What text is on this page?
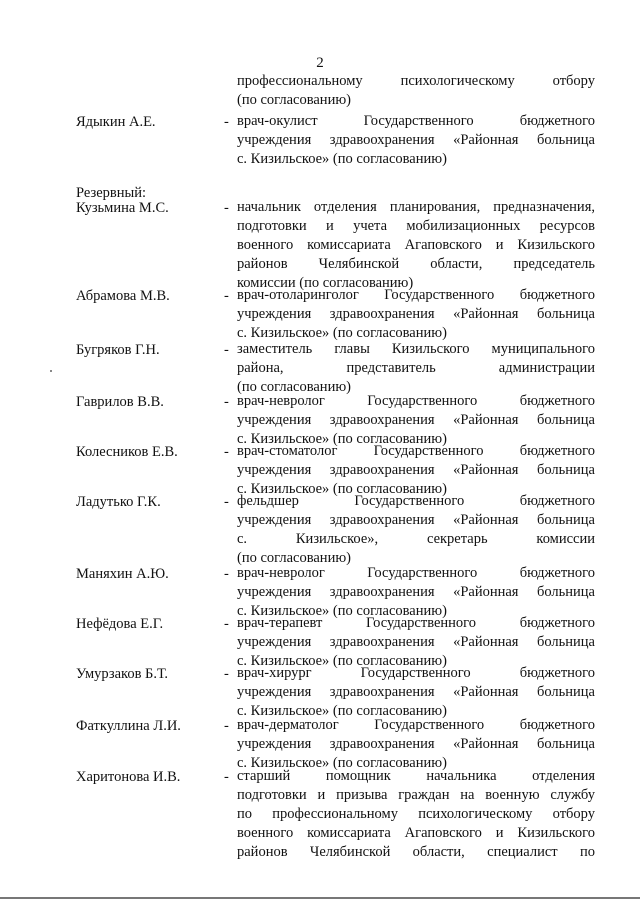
2
профессиональному психологическому отбору
(по согласованию)
Ядыкин А.Е.	- врач-окулист Государственного бюджетного
учреждения здравоохранения «Районная больница
с. Кизильское» (по согласованию)
Резервный:
Кузьмина М.С.	- начальник отделения планирования, предназначения,
подготовки и учета мобилизационных ресурсов
военного комиссариата Агаповского и Кизильского
районов Челябинской области, председатель
комиссии (по согласованию)
Абрамова М.В.	- врач-отоларинголог Государственного бюджетного
учреждения здравоохранения «Районная больница
с. Кизильское» (по согласованию)
Бугряков Г.Н.	- заместитель главы Кизильского муниципального
района, представитель администрации
(по согласованию)
Гаврилов В.В.	- врач-невролог Государственного бюджетного
учреждения здравоохранения «Районная больница
с. Кизильское» (по согласованию)
Колесников Е.В.	- врач-стоматолог Государственного бюджетного
учреждения здравоохранения «Районная больница
с. Кизильское» (по согласованию)
Ладутько Г.К.	- фельдшер Государственного бюджетного
учреждения здравоохранения «Районная больница
с. Кизильское», секретарь комиссии
(по согласованию)
Маняхин А.Ю.	- врач-невролог Государственного бюджетного
учреждения здравоохранения «Районная больница
с. Кизильское» (по согласованию)
Нефёдова Е.Г.	- врач-терапевт Государственного бюджетного
учреждения здравоохранения «Районная больница
с. Кизильское» (по согласованию)
Умурзаков Б.Т.	- врач-хирург Государственного бюджетного
учреждения здравоохранения «Районная больница
с. Кизильское» (по согласованию)
Фаткуллина Л.И.	- врач-дерматолог Государственного бюджетного
учреждения здравоохранения «Районная больница
с. Кизильское» (по согласованию)
Харитонова И.В.	- старший помощник начальника отделения
подготовки и призыва граждан на военную службу
по профессиональному психологическому отбору
военного комиссариата Агаповского и Кизильского
районов Челябинской области, специалист по
